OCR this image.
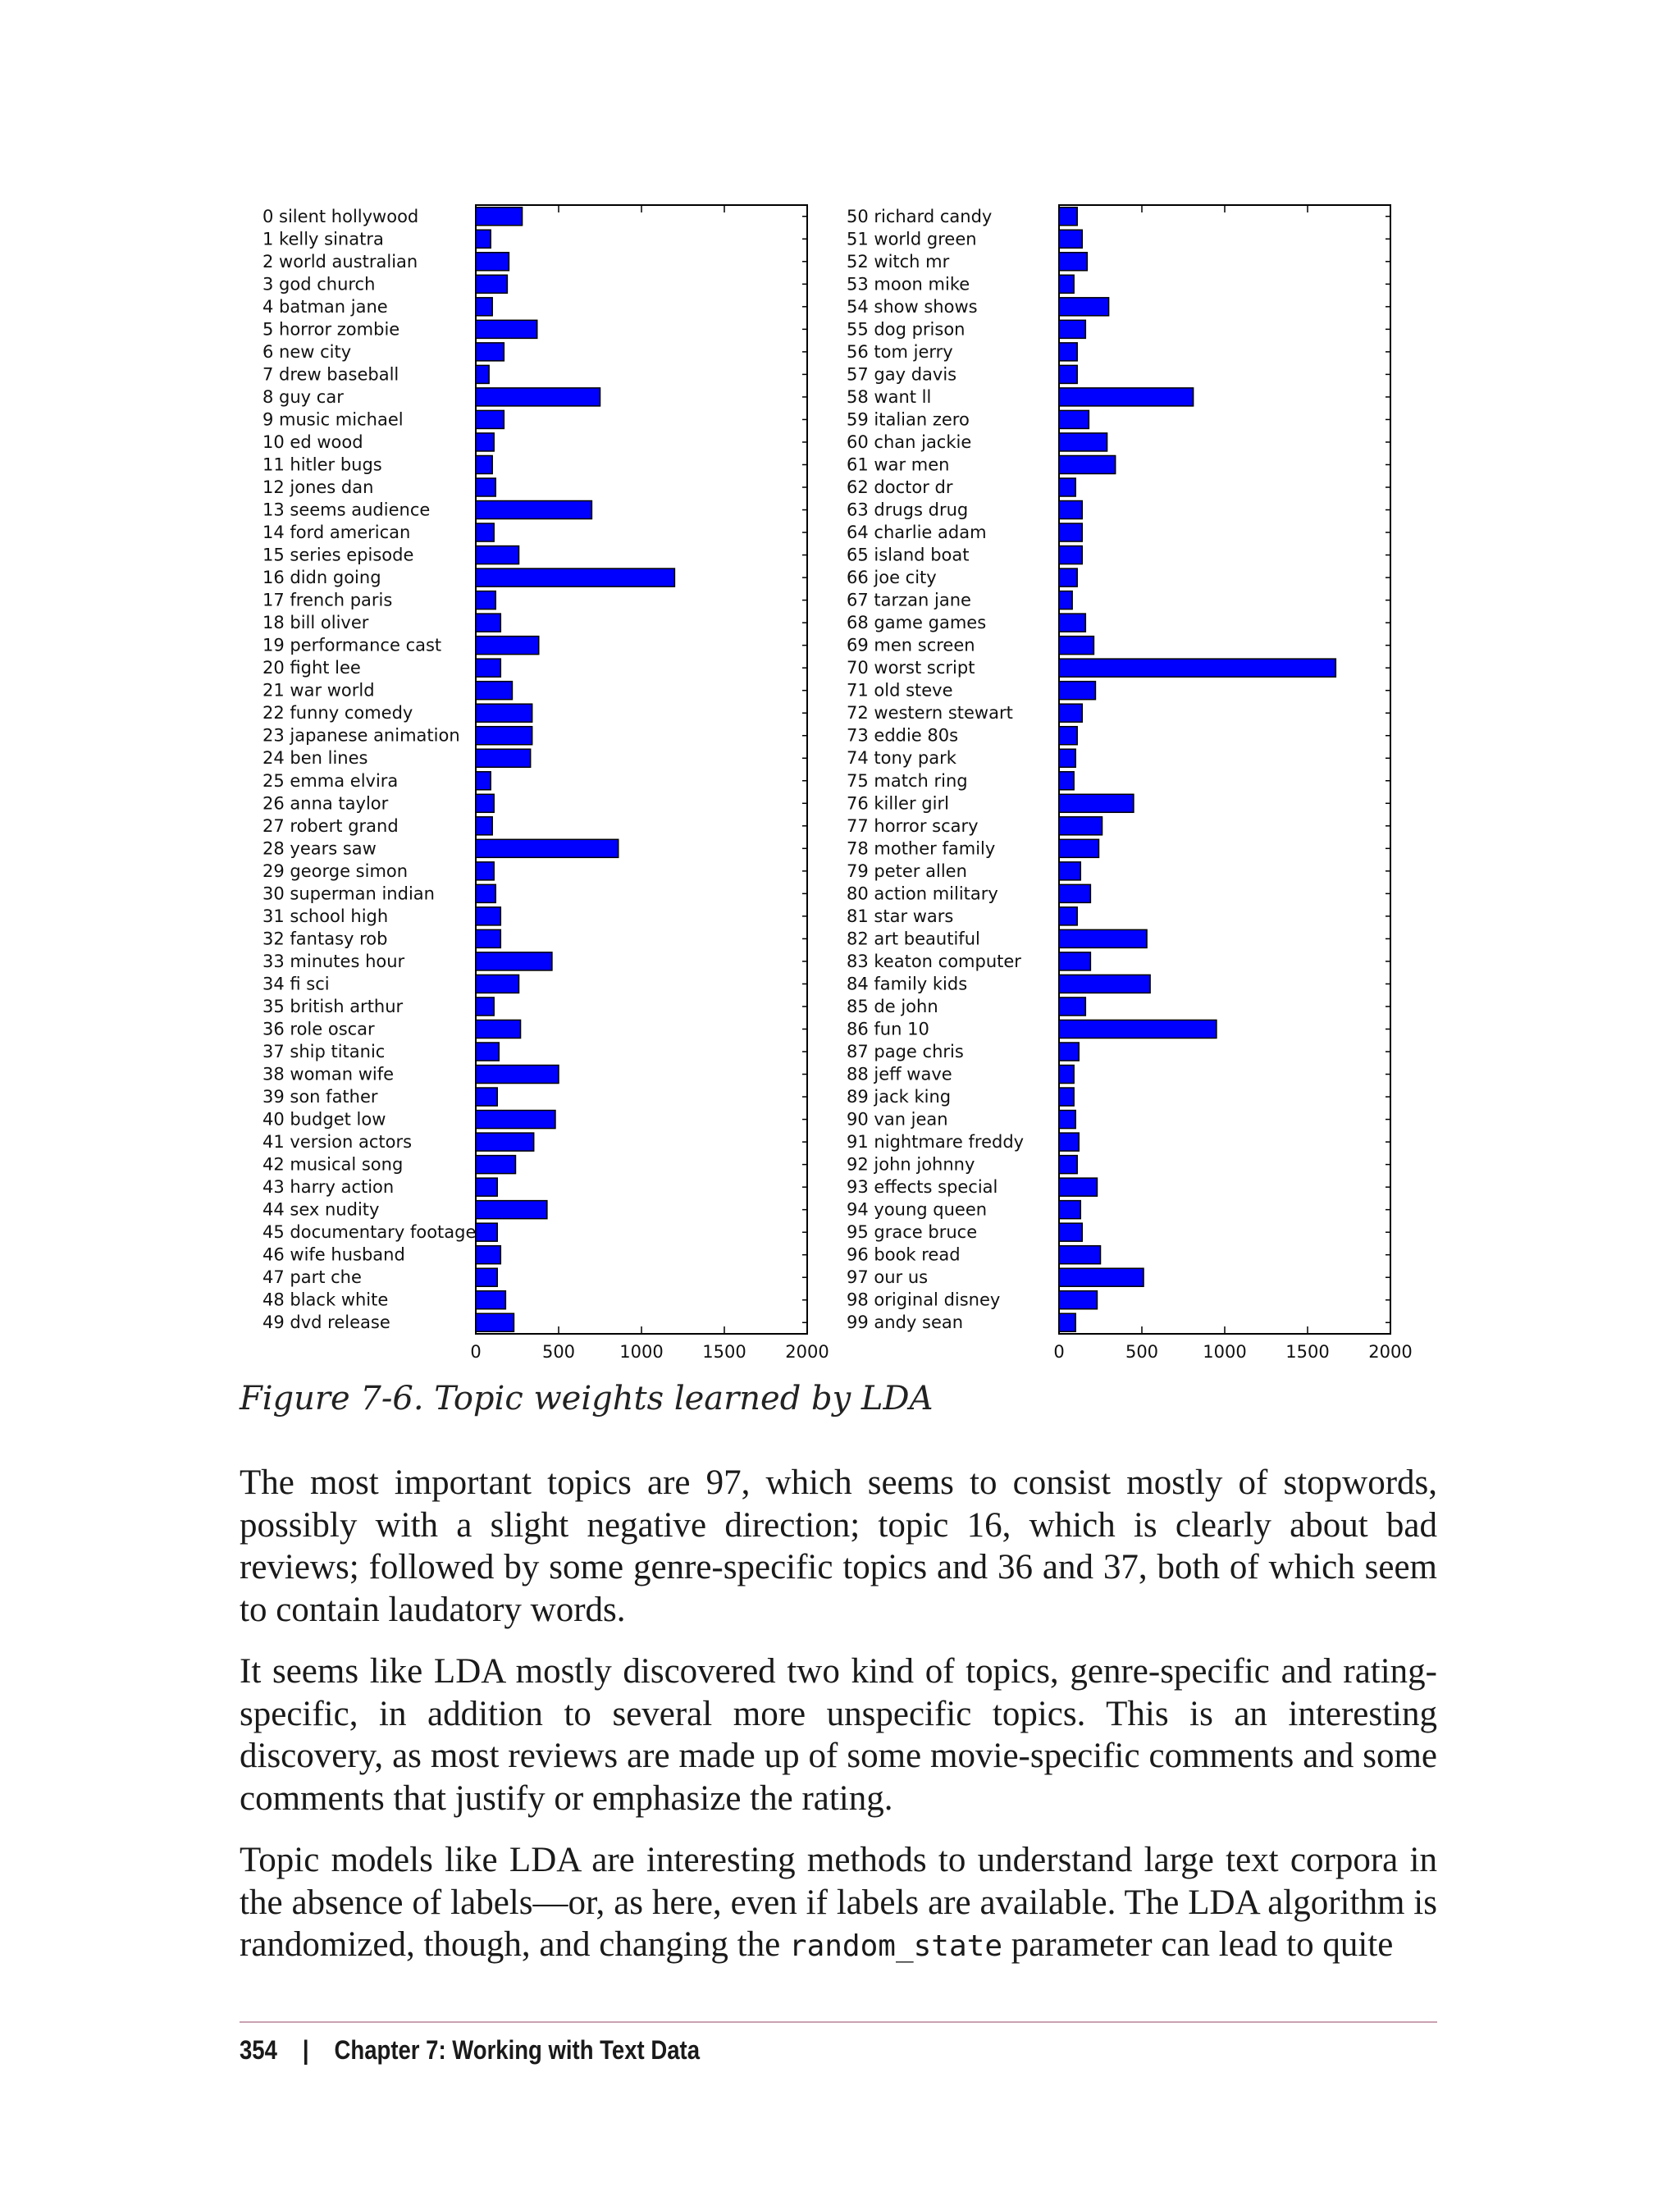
0 silent hollywood
1 kelly sinatra
2 world australian
3 god church
4 batman jane
5 horror zombie
6 new city
7 drew baseball
8 guy car
9 music michael
10 ed wood
11 hitler bugs
12 jones dan
13 seems audience
14 ford american
15 series episode
16 didn going
17 french paris
18 bill oliver
19 performance cast
20 fight lee
21 war world
22 funny comedy
23 japanese animation
24 ben lines
25 emma elvira
26 anna taylor
27 robert grand
28 years saw
29 george simon
30 superman indian
31 school high
32 fantasy rob
33 minutes hour
34 fi sci
35 british arthur
36 role oscar
37 ship titanic
38 woman wife
39 son father
40 budget low
41 version actors
42 musical song
43 harry action
44 sex nudity
45 documentary footage
46 wife husband
47 part che
48 black white
49 dvd release
0	500	1000 1500 2000
50 richard candy
51 world green
52 witch mr
53 moon mike
54 show shows
55 dog prison
56 tom jerry
57 gay davis
58 want ll
59 italian zero
60 chan jackie
61 war men
62 doctor dr
63 drugs drug
64 charlie adam
65 island boat
66 joe city
67 tarzan jane
68 game games
69 men screen
70 worst script
71 old steve
72 western stewart
73 eddie 80s
74 tony park
75 match ring
76 killer girl
77 horror scary
78 mother family
79 peter allen
80 action military
81 star wars
82 art beautiful
83 keaton computer
84 family kids
85 de john
86 fun 10
87 page chris
88 jeff wave
89 jack king
90 van jean
91 nightmare freddy
92 john johnny
93 effects special
94 young queen
95 grace bruce
96 book read
97 our us
98 original disney
99 andy sean
0	500	1000 1500 2000

Figure 7-6. Topic weights learned by LDA

The most important topics are 97, which seems to consist mostly of stopwords, possibly with a slight negative direction; topic 16, which is clearly about bad reviews; followed by some genre-specific topics and 36 and 37, both of which seem to contain laudatory words.

It seems like LDA mostly discovered two kind of topics, genre-specific and rating-specific, in addition to several more unspecific topics. This is an interesting discovery, as most reviews are made up of some movie-specific comments and some comments that justify or emphasize the rating.

Topic models like LDA are interesting methods to understand large text corpora in the absence of labels—or, as here, even if labels are available. The LDA algorithm is randomized, though, and changing the random_state parameter can lead to quite

354 | Chapter 7: Working with Text Data
